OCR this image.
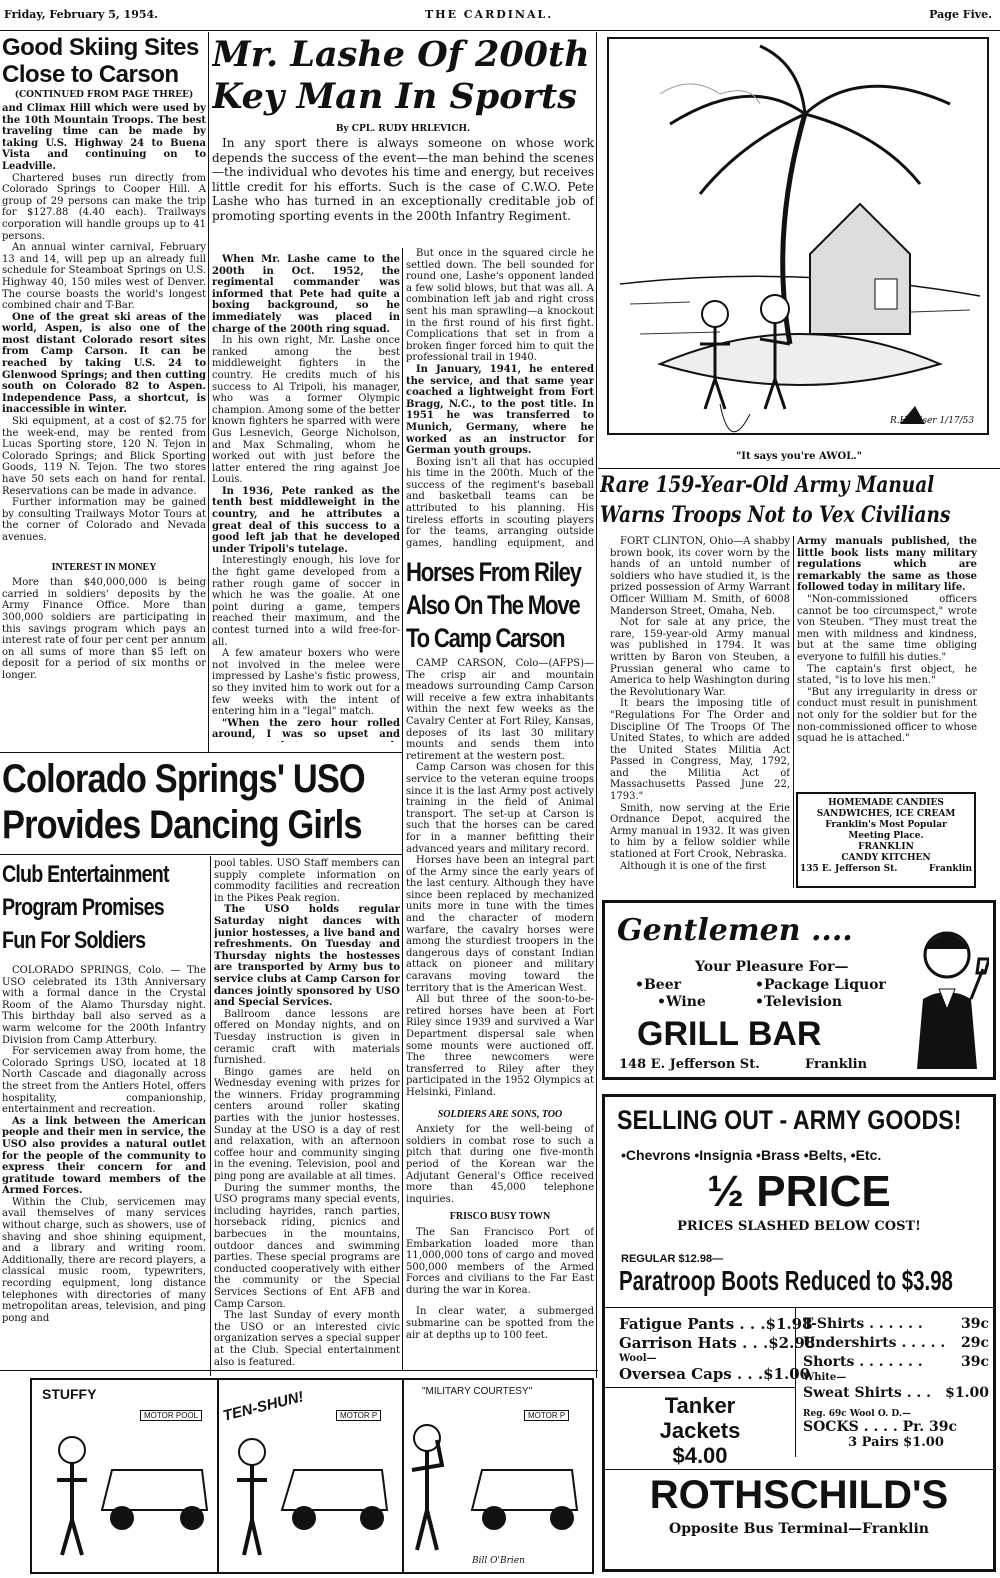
Friday, February 5, 1954.	THE CARDINAL.	Page Five.
Good Skiing Sites
Close to Carson
(CONTINUED FROM PAGE THREE)

and Climax Hill which were used by the 10th Mountain Troops. The best traveling time can be made by taking U.S. Highway 24 to Buena Vista and continuing on to Leadville.

Chartered buses run directly from Colorado Springs to Cooper Hill. A group of 29 persons can make the trip for $127.88 (4.40 each). Trailways corporation will handle groups up to 41 persons.

An annual winter carnival, February 13 and 14, will pep up an already full schedule for Steamboat Springs on U.S. Highway 40, 150 miles west of Denver. The course boasts the world's longest combined chair and T-Bar.

One of the great ski areas of the world, Aspen, is also one of the most distant Colorado resort sites from Camp Carson. It can be reached by taking U.S. 24 to Glenwood Springs; and then cutting south on Colorado 82 to Aspen. Independence Pass, a shortcut, is inaccessible in winter.

Ski equipment, at a cost of $2.75 for the week-end, may be rented from Lucas Sporting store, 120 N. Tejon in Colorado Springs; and Blick Sporting Goods, 119 N. Tejon. The two stores have 50 sets each on hand for rental. Reservations can be made in advance.

Further information may be gained by consulting Trailways Motor Tours at the corner of Colorado and Nevada avenues.

INTEREST IN MONEY

More than $40,000,000 is being carried in soldiers' deposits by the Army Finance Office. More than 300,000 soldiers are participating in this savings program which pays an interest rate of four per cent per annum on all sums of more than $5 left on deposit for a period of six months or longer.

Mr. Lashe Of 200th
Key Man In Sports
By CPL. RUDY HRLEVICH.
In any sport there is always someone on whose work depends the success of the event—the man behind the scenes—the individual who devotes his time and energy, but receives little credit for his efforts. Such is the case of C.W.O. Pete Lashe who has turned in an exceptionally creditable job of promoting sporting events in the 200th Infantry Regiment.

When Mr. Lashe came to the 200th in Oct. 1952, the regimental commander was informed that Pete had quite a boxing background, so he immediately was placed in charge of the 200th ring squad.

In his own right, Mr. Lashe once ranked among the best middleweight fighters in the country. He credits much of his success to Al Tripoli, his manager, who was a former Olympic champion. Among some of the better known fighters he sparred with were Gus Lesnevich, George Nicholson, and Max Schmaling, whom he worked out with just before the latter entered the ring against Joe Louis.

In 1936, Pete ranked as the tenth best middleweight in the country, and he attributes a great deal of this success to a good left jab that he developed under Tripoli's tutelage.

Interestingly enough, his love for the fight game developed from a rather rough game of soccer in which he was the goalie. At one point during a game, tempers reached their maximum, and the contest turned into a wild free-for-all.

A few amateur boxers who were not involved in the melee were impressed by Lashe's fistic prowess, so they invited him to work out for a few weeks with the intent of entering him in a "legal" match.

"When the zero hour rolled around, I was so upset and

But once in the squared circle he settled down. The bell sounded for round one, Lashe's opponent landed a few solid blows, but that was all. A combination left jab and right cross sent his man sprawling—a knockout in the first round of his first fight. Complications that set in from a broken finger forced him to quit the professional trail in 1940.

In January, 1941, he entered the service, and that same year coached a lightweight from Fort Bragg, N.C., to the post title. In 1951 he was transferred to Munich, Germany, where he worked as an instructor for German youth groups.

Boxing isn't all that has occupied his time in the 200th. Much of the success of the regiment's baseball and basketball teams can be attributed to his planning. His tireless efforts in scouting players for the teams, arranging outside games, handling equipment, and

Horses From Riley
Also On The Move
To Camp Carson

CAMP CARSON, Colo—(AFPS)—The crisp air and mountain meadows surrounding Camp Carson will receive a few extra inhabitants within the next few weeks as the Cavalry Center at Fort Riley, Kansas, deposes of its last 30 military mounts and sends them into retirement at the western post.

Camp Carson was chosen for this service to the veteran equine troops since it is the last Army post actively training in the field of Animal transport. The set-up at Carson is such that the horses can be cared for in a manner befitting their advanced years and military record.

Horses have been an integral part of the Army since the early years of the last century. Although they have since been replaced by mechanized units more in tune with the times and the character of modern warfare, the cavalry horses were among the sturdiest troopers in the dangerous days of constant Indian attack on pioneer and military caravans moving toward the territory that is the American West.

All but three of the soon-to-be-retired horses have been at Fort Riley since 1939 and survived a War Department dispersal sale when some mounts were auctioned off. The three newcomers were transferred to Riley after they participated in the 1952 Olympics at Helsinki, Finland.

SOLDIERS ARE SONS, TOO

Anxiety for the well-being of soldiers in combat rose to such a pitch that during one five-month period of the Korean war the Adjutant General's Office received more than 45,000 telephone inquiries.

FRISCO BUSY TOWN

The San Francisco Port of Embarkation loaded more than 11,000,000 tons of cargo and moved 500,000 members of the Armed Forces and civilians to the Far East during the war in Korea.

In clear water, a submerged submarine can be spotted from the air at depths up to 100 feet.

Colorado Springs' USO
Provides Dancing Girls
Club Entertainment
Program Promises
Fun For Soldiers

COLORADO SPRINGS, Colo. — The USO celebrated its 13th Anniversary with a formal dance in the Crystal Room of the Alamo Thursday night. This birthday ball also served as a warm welcome for the 200th Infantry Division from Camp Atterbury.

For servicemen away from home, the Colorado Springs USO, located at 18 North Cascade and diagonally across the street from the Antlers Hotel, offers hospitality, companionship, entertainment and recreation.

As a link between the American people and their men in service, the USO also provides a natural outlet for the people of the community to express their concern for and gratitude toward members of the Armed Forces.

Within the Club, servicemen may avail themselves of many services without charge, such as showers, use of shaving and shoe shining equipment, and a library and writing room. Additionally, there are record players, a classical music room, typewriters, recording equipment, long distance telephones with directories of many metropolitan areas, television, and ping pong and

pool tables. USO Staff members can supply complete information on commodity facilities and recreation in the Pikes Peak region.

The USO holds regular Saturday night dances with junior hostesses, a live band and refreshments. On Tuesday and Thursday nights the hostesses are transported by Army bus to service clubs at Camp Carson for dances jointly sponsored by USO and Special Services.

Ballroom dance lessons are offered on Monday nights, and on Tuesday instruction is given in ceramic craft with materials furnished.

Bingo games are held on Wednesday evening with prizes for the winners. Friday programming centers around roller skating parties with the junior hostesses. Sunday at the USO is a day of rest and relaxation, with an afternoon coffee hour and community singing in the evening. Television, pool and ping pong are available at all times.

During the summer months, the USO programs many special events, including hayrides, ranch parties, horseback riding, picnics and barbecues in the mountains, outdoor dances and swimming parties. These special programs are conducted cooperatively with either the community or the Special Services Sections of Ent AFB and Camp Carson.

The last Sunday of every month the USO or an interested civic organization serves a special supper at the Club. Special entertainment also is featured.

R.H. Fiser 1/17/53
"It says you're AWOL."
Rare 159-Year-Old Army Manual
Warns Troops Not to Vex Civilians

FORT CLINTON, Ohio—A shabby brown book, its cover worn by the hands of an untold number of soldiers who have studied it, is the prized possession of Army Warrant Officer William M. Smith, of 6008 Manderson Street, Omaha, Neb.

Not for sale at any price, the rare, 159-year-old Army manual was published in 1794. It was written by Baron von Steuben, a Prussian general who came to America to help Washington during the Revolutionary War.

It bears the imposing title of "Regulations For The Order and Discipline Of The Troops Of The United States, to which are added the United States Militia Act Passed in Congress, May, 1792, and the Militia Act of Massachusetts Passed June 22, 1793."

Smith, now serving at the Erie Ordnance Depot, acquired the Army manual in 1932. It was given to him by a fellow soldier while stationed at Fort Crook, Nebraska.

Although it is one of the first

Army manuals published, the little book lists many military regulations which are remarkably the same as those followed today in military life.

"Non-commissioned officers cannot be too circumspect," wrote von Steuben. "They must treat the men with mildness and kindness, but at the same time obliging everyone to fulfill his duties."

The captain's first object, he stated, "is to love his men."

"But any irregularity in dress or conduct must result in punishment not only for the soldier but for the non-commissioned officer to whose squad he is attached."

HOMEMADE CANDIES
SANDWICHES, ICE CREAM
Franklin's Most Popular
Meeting Place.
FRANKLIN
CANDY KITCHEN
135 E. Jefferson St.	Franklin
Gentlemen ....
Your Pleasure For—
•Beer	•Package Liquor
•Wine	•Television
GRILL BAR
148 E. Jefferson St.	Franklin
SELLING OUT - ARMY GOODS!
•Chevrons •Insignia •Brass •Belts, •Etc.
½ PRICE
PRICES SLASHED BELOW COST!
REGULAR $12.98—
Paratroop Boots Reduced to $3.98
Fatigue Pants . . .$1.98
Garrison Hats . . .$2.98
Wool—
Oversea Caps . . .$1.00
T-Shirts . . . . . .	39c
Undershirts . . . . . 29c
Shorts . . . . . . .	39c
White—
Sweat Shirts . . . $1.00
Tanker
Jackets
$4.00
Reg. 69c Wool O. D.—
SOCKS . . . . Pr. 39c
3 Pairs $1.00
ROTHSCHILD'S
Opposite Bus Terminal—Franklin
STUFFY	TEN-SHUN!	"MILITARY COURTESY"
MOTOR POOL	MOTOR P	MOTOR P
Bill O'Brien
